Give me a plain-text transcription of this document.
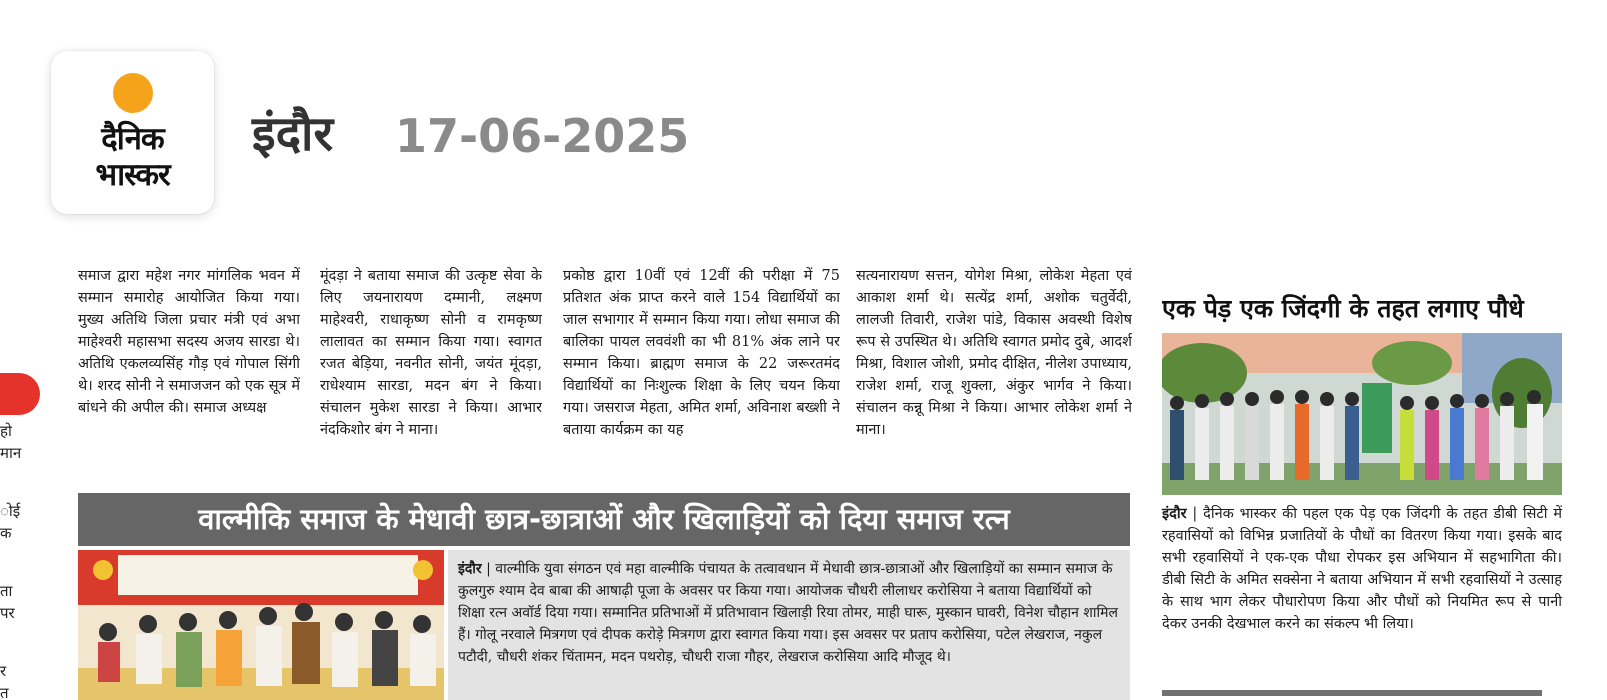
दैनिक
भास्कर
इंदौर 17-06-2025
हो
मान
ोई
क
ता
पर
र
त
समाज द्वारा महेश नगर मांगलिक भवन में सम्मान समारोह आयोजित किया गया। मुख्य अतिथि जिला प्रचार मंत्री एवं अभा माहेश्वरी महासभा सदस्य अजय सारडा थे। अतिथि एकलव्यसिंह गौड़ एवं गोपाल सिंगी थे। शरद सोनी ने समाजजन को एक सूत्र में बांधने की अपील की। समाज अध्यक्ष
मूंदड़ा ने बताया समाज की उत्कृष्ट सेवा के लिए जयनारायण दम्मानी, लक्ष्मण माहेश्वरी, राधाकृष्ण सोनी व रामकृष्ण लालावत का सम्मान किया गया। स्वागत रजत बेड़िया, नवनीत सोनी, जयंत मूंदड़ा, राधेश्याम सारडा, मदन बंग ने किया। संचालन मुकेश सारडा ने किया। आभार नंदकिशोर बंग ने माना।
प्रकोष्ठ द्वारा 10वीं एवं 12वीं की परीक्षा में 75 प्रतिशत अंक प्राप्त करने वाले 154 विद्यार्थियों का जाल सभागार में सम्मान किया गया। लोधा समाज की बालिका पायल लववंशी का भी 81% अंक लाने पर सम्मान किया। ब्राह्मण समाज के 22 जरूरतमंद विद्यार्थियों का निःशुल्क शिक्षा के लिए चयन किया गया। जसराज मेहता, अमित शर्मा, अविनाश बख्शी ने बताया कार्यक्रम का यह
सत्यनारायण सत्तन, योगेश मिश्रा, लोकेश मेहता एवं आकाश शर्मा थे। सत्येंद्र शर्मा, अशोक चतुर्वेदी, लालजी तिवारी, राजेश पांडे, विकास अवस्थी विशेष रूप से उपस्थित थे। अतिथि स्वागत प्रमोद दुबे, आदर्श मिश्रा, विशाल जोशी, प्रमोद दीक्षित, नीलेश उपाध्याय, राजेश शर्मा, राजू शुक्ला, अंकुर भार्गव ने किया। संचालन कन्नू मिश्रा ने किया। आभार लोकेश शर्मा ने माना।
वाल्मीकि समाज के मेधावी छात्र-छात्राओं और खिलाड़ियों को दिया समाज रत्न

इंदौर | वाल्मीकि युवा संगठन एवं महा वाल्मीकि पंचायत के तत्वावधान में मेधावी छात्र-छात्राओं और खिलाड़ियों का सम्मान समाज के कुलगुरु श्याम देव बाबा की आषाढ़ी पूजा के अवसर पर किया गया। आयोजक चौधरी लीलाधर करोसिया ने बताया विद्यार्थियों को शिक्षा रत्न अवॉर्ड दिया गया। सम्मानित प्रतिभाओं में प्रतिभावान खिलाड़ी रिया तोमर, माही घारू, मुस्कान घावरी, विनेश चौहान शामिल हैं। गोलू नरवाले मित्रगण एवं दीपक करोड़े मित्रगण द्वारा स्वागत किया गया। इस अवसर पर प्रताप करोसिया, पटेल लेखराज, नकुल पटौदी, चौधरी शंकर चिंतामन, मदन पथरोड़, चौधरी राजा गौहर, लेखराज करोसिया आदि मौजूद थे।

एक पेड़ एक जिंदगी के तहत लगाए पौधे

इंदौर | दैनिक भास्कर की पहल एक पेड़ एक जिंदगी के तहत डीबी सिटी में रहवासियों को विभिन्न प्रजातियों के पौधों का वितरण किया गया। इसके बाद सभी रहवासियों ने एक-एक पौधा रोपकर इस अभियान में सहभागिता की। डीबी सिटी के अमित सक्सेना ने बताया अभियान में सभी रहवासियों ने उत्साह के साथ भाग लेकर पौधारोपण किया और पौधों को नियमित रूप से पानी देकर उनकी देखभाल करने का संकल्प भी लिया।
